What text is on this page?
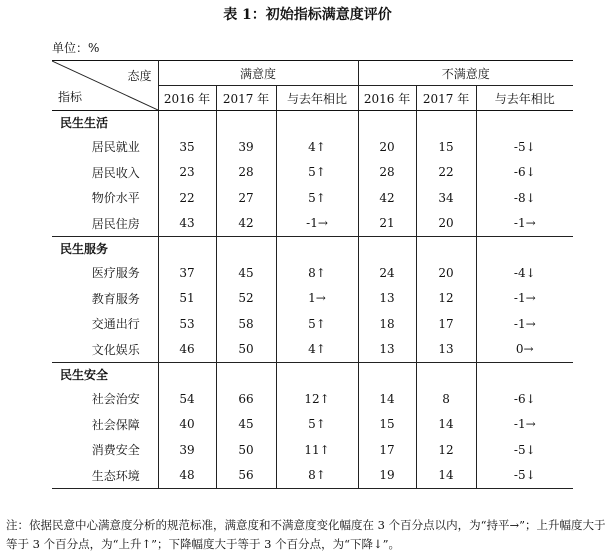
表 1：初始指标满意度评价
单位：%
态度
指标	满意度			不满意度		
	2016 年	2017 年	与去年相比	2016 年	2017 年	与去年相比
民生生活						
居民就业	35	39	4↑	20	15	-5↓
居民收入	23	28	5↑	28	22	-6↓
物价水平	22	27	5↑	42	34	-8↓
居民住房	43	42	-1→	21	20	-1→
民生服务						
医疗服务	37	45	8↑	24	20	-4↓
教育服务	51	52	1→	13	12	-1→
交通出行	53	58	5↑	18	17	-1→
文化娱乐	46	50	4↑	13	13	0→
民生安全						
社会治安	54	66	12↑	14	8	-6↓
社会保障	40	45	5↑	15	14	-1→
消费安全	39	50	11↑	17	12	-5↓
生态环境	48	56	8↑	19	14	-5↓
注：依据民意中心满意度分析的规范标准，满意度和不满意度变化幅度在 3 个百分点以内，为“持平→”；上升幅度大于等于 3 个百分点，为“上升↑”；下降幅度大于等于 3 个百分点，为“下降↓”。
